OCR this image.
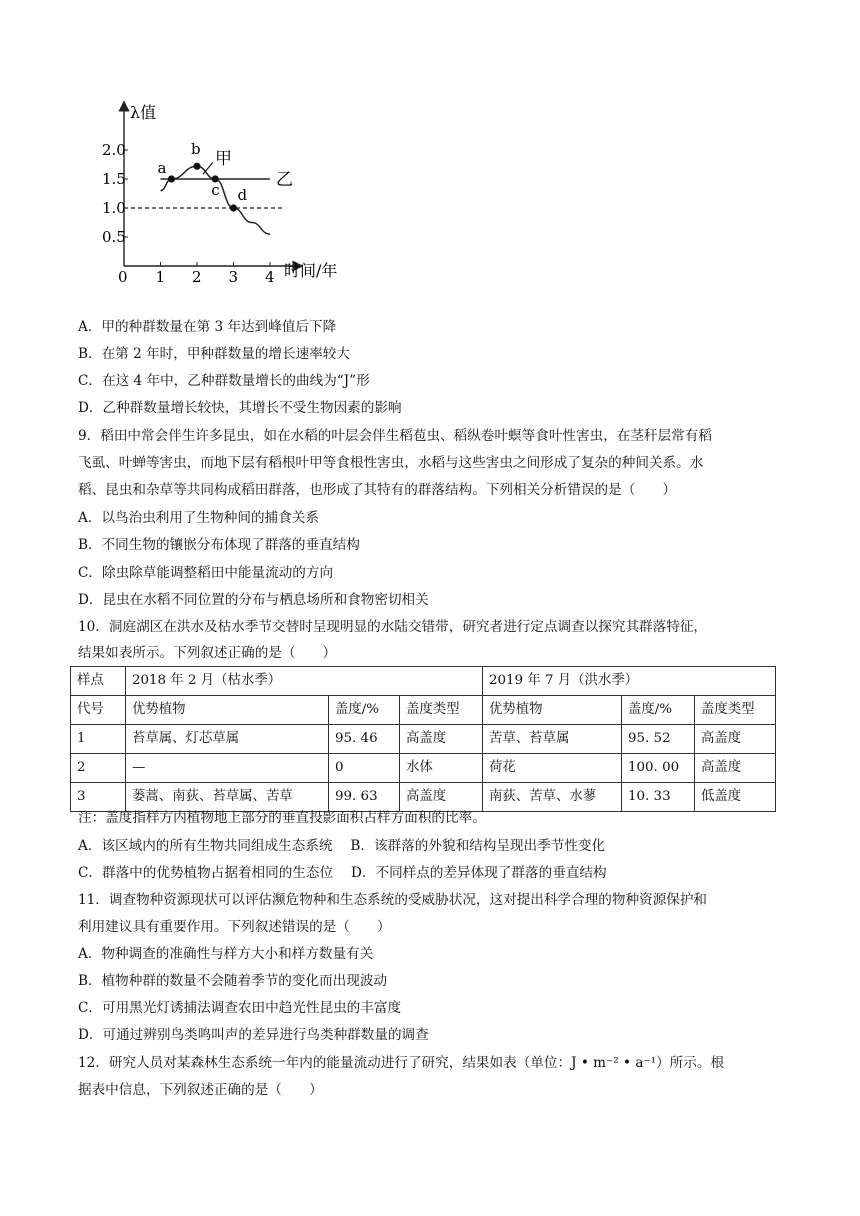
λ值
时间/年
2.0
1.5
1.0
0.5
0 1 2 3 4
甲
乙
a
b
c d
A．甲的种群数量在第 3 年达到峰值后下降
B．在第 2 年时，甲种群数量的增长速率较大
C．在这 4 年中，乙种群数量增长的曲线为“J”形
D．乙种群数量增长较快，其增长不受生物因素的影响
9．稻田中常会伴生许多昆虫，如在水稻的叶层会伴生稻苞虫、稻纵卷叶螟等食叶性害虫，在茎秆层常有稻
飞虱、叶蝉等害虫，而地下层有稻根叶甲等食根性害虫，水稻与这些害虫之间形成了复杂的种间关系。水
稻、昆虫和杂草等共同构成稻田群落，也形成了其特有的群落结构。下列相关分析错误的是（　　）
A．以鸟治虫利用了生物种间的捕食关系
B．不同生物的镶嵌分布体现了群落的垂直结构
C．除虫除草能调整稻田中能量流动的方向
D．昆虫在水稻不同位置的分布与栖息场所和食物密切相关
10．洞庭湖区在洪水及枯水季节交替时呈现明显的水陆交错带，研究者进行定点调查以探究其群落特征，
结果如表所示。下列叙述正确的是（　　）
样点	2018 年 2 月（枯水季）			2019 年 7 月（洪水季）		
代号	优势植物	盖度/%	盖度类型	优势植物	盖度/%	盖度类型
1	苔草属、灯芯草属	95. 46	高盖度	苦草、苔草属	95. 52	高盖度
2	—	0	水体	荷花	100. 00	高盖度
3	蒌蒿、南荻、苔草属、苦草	99. 63	高盖度	南荻、苦草、水蓼	10. 33	低盖度
注：盖度指样方内植物地上部分的垂直投影面积占样方面积的比率。
A．该区域内的所有生物共同组成生态系统　 B．该群落的外貌和结构呈现出季节性变化
C．群落中的优势植物占据着相同的生态位　 D．不同样点的差异体现了群落的垂直结构
11．调查物种资源现状可以评估濒危物种和生态系统的受威胁状况，这对提出科学合理的物种资源保护和
利用建议具有重要作用。下列叙述错误的是（　　）
A．物种调查的准确性与样方大小和样方数量有关
B．植物种群的数量不会随着季节的变化而出现波动
C．可用黑光灯诱捕法调查农田中趋光性昆虫的丰富度
D．可通过辨别鸟类鸣叫声的差异进行鸟类种群数量的调查
12．研究人员对某森林生态系统一年内的能量流动进行了研究，结果如表（单位：J • m⁻² • a⁻¹）所示。根
据表中信息，下列叙述正确的是（　　）
